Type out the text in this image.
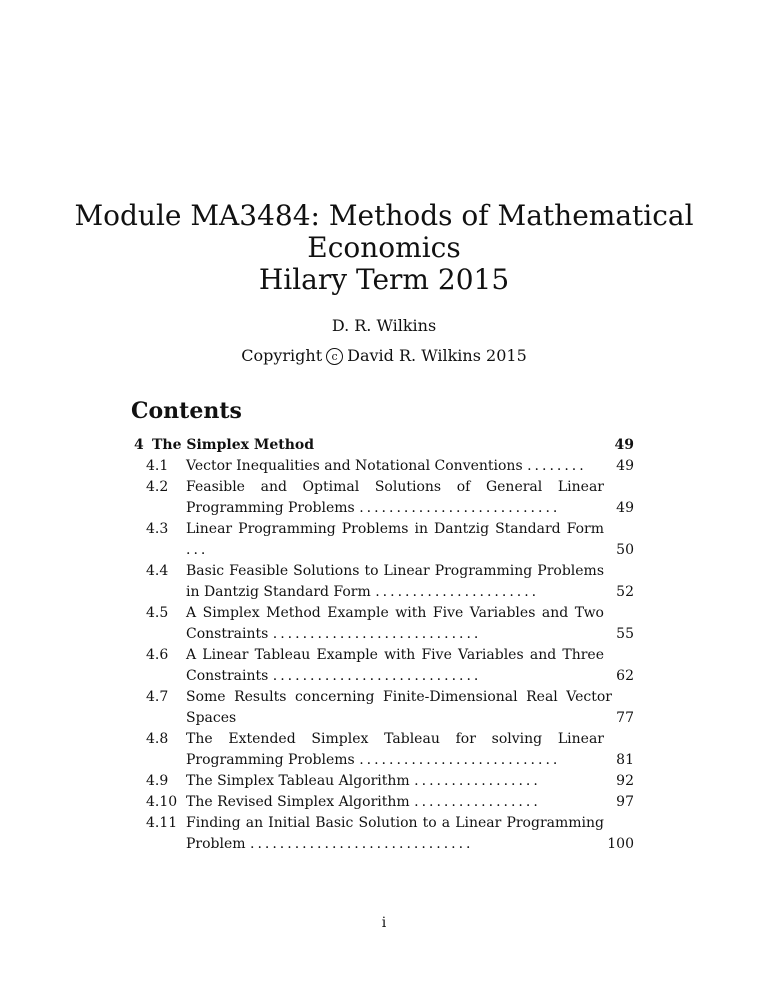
Module MA3484: Methods of Mathematical
Economics
Hilary Term 2015
D. R. Wilkins
Copyright c David R. Wilkins 2015
Contents
4 The Simplex Method	49
4.1 Vector Inequalities and Notational Conventions ........	49
4.2 Feasible and Optimal Solutions of General Linear Programming Problems ...........................	49
4.3 Linear Programming Problems in Dantzig Standard Form ...	50
4.4 Basic Feasible Solutions to Linear Programming Problems in Dantzig Standard Form ......................	52
4.5 A Simplex Method Example with Five Variables and Two Constraints ............................	55
4.6 A Linear Tableau Example with Five Variables and Three Constraints ............................	62
4.7 Some Results concerning Finite-Dimensional Real Vector Spaces	77
4.8 The Extended Simplex Tableau for solving Linear Programming Problems ...........................	81
4.9 The Simplex Tableau Algorithm .................	92
4.10 The Revised Simplex Algorithm .................	97
4.11 Finding an Initial Basic Solution to a Linear Programming Problem ..............................	100
i
